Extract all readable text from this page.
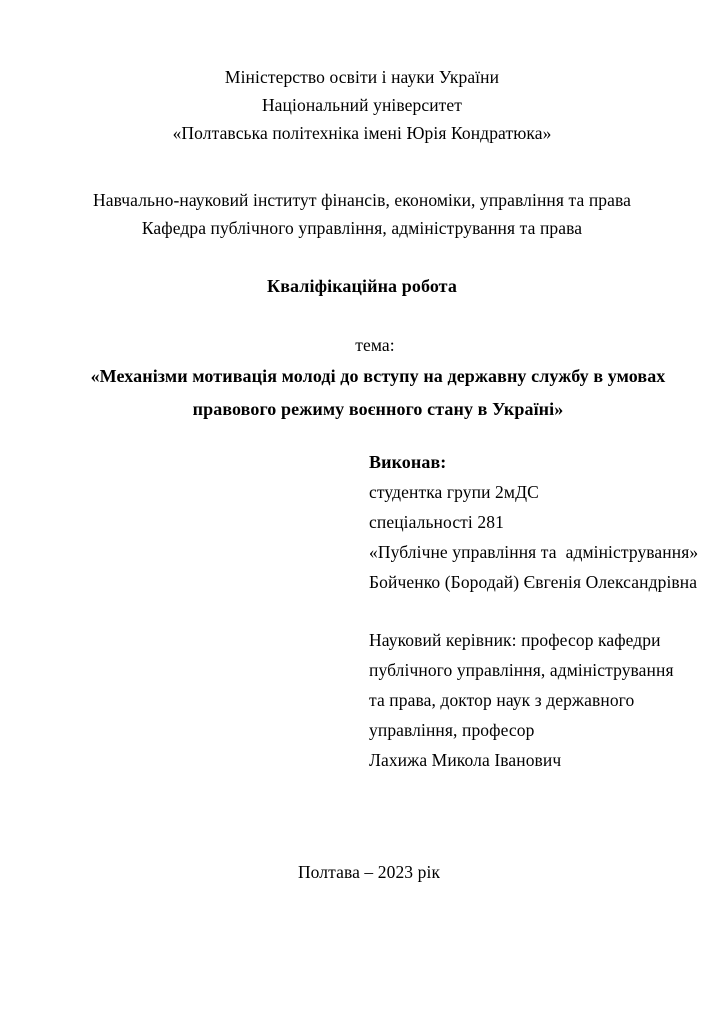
Міністерство освіти і науки України
Національний університет
«Полтавська політехніка імені Юрія Кондратюка»
Навчально-науковий інститут фінансів, економіки, управління та права
Кафедра публічного управління, адміністрування та права
Кваліфікаційна робота
тема:
«Механізми мотивація молоді до вступу на державну службу в умовах
правового режиму воєнного стану в Україні»
Виконав:
студентка групи 2мДС
спеціальності 281
«Публічне управління та  адміністрування»
Бойченко (Бородай) Євгенія Олександрівна
Науковий керівник: професор кафедри
публічного управління, адміністрування
та права, доктор наук з державного
управління, професор
Лахижа Микола Іванович
Полтава – 2023 рік
